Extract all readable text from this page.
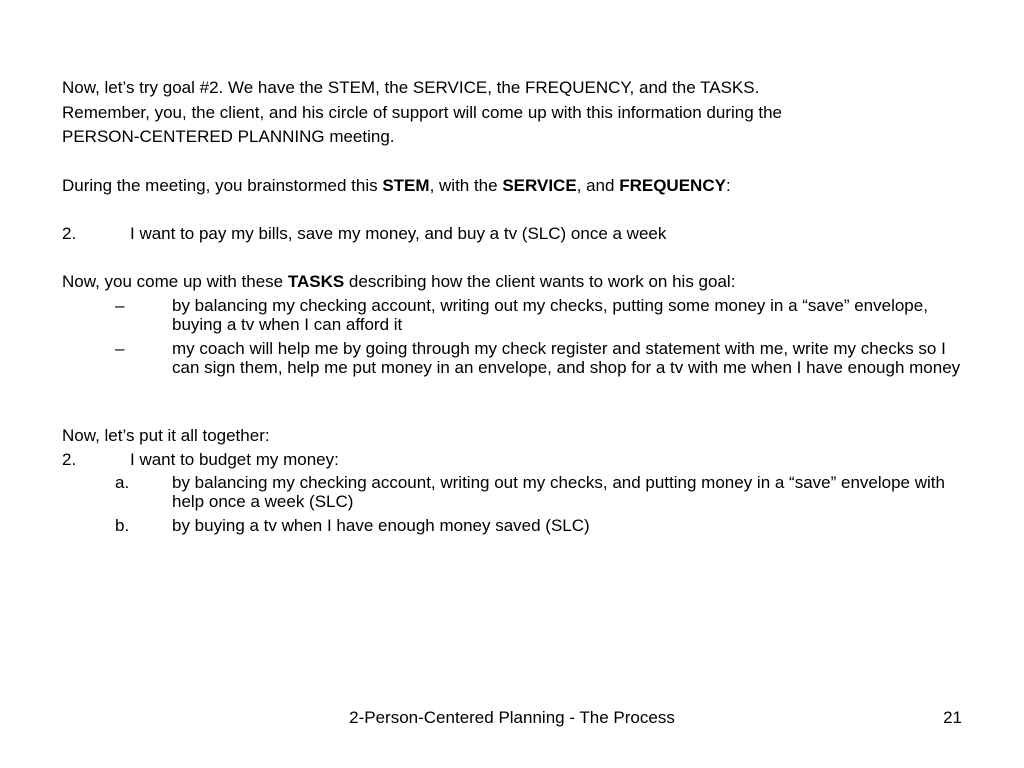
Now, let’s try goal #2. We have the STEM, the SERVICE, the FREQUENCY, and the TASKS.
Remember, you, the client, and his circle of support will come up with this information during the
PERSON-CENTERED PLANNING meeting.
During the meeting, you brainstormed this STEM, with the SERVICE, and FREQUENCY:
2.	I want to pay my bills, save my money, and buy a tv (SLC) once a week
Now, you come up with these TASKS describing how the client wants to work on his goal:
–	by balancing my checking account, writing out my checks, putting some money in a “save” envelope, buying a tv when I can afford it
–	my coach will help me by going through my check register and statement with me, write my checks so I can sign them, help me put money in an envelope, and shop for a tv with me when I have enough money
Now, let’s put it all together:
2.	I want to budget my money:
a.	by balancing my checking account, writing out my checks, and putting money in a “save” envelope with help once a week (SLC)
b.	by buying a tv when I have enough money saved (SLC)
2-Person-Centered Planning - The Process	21
